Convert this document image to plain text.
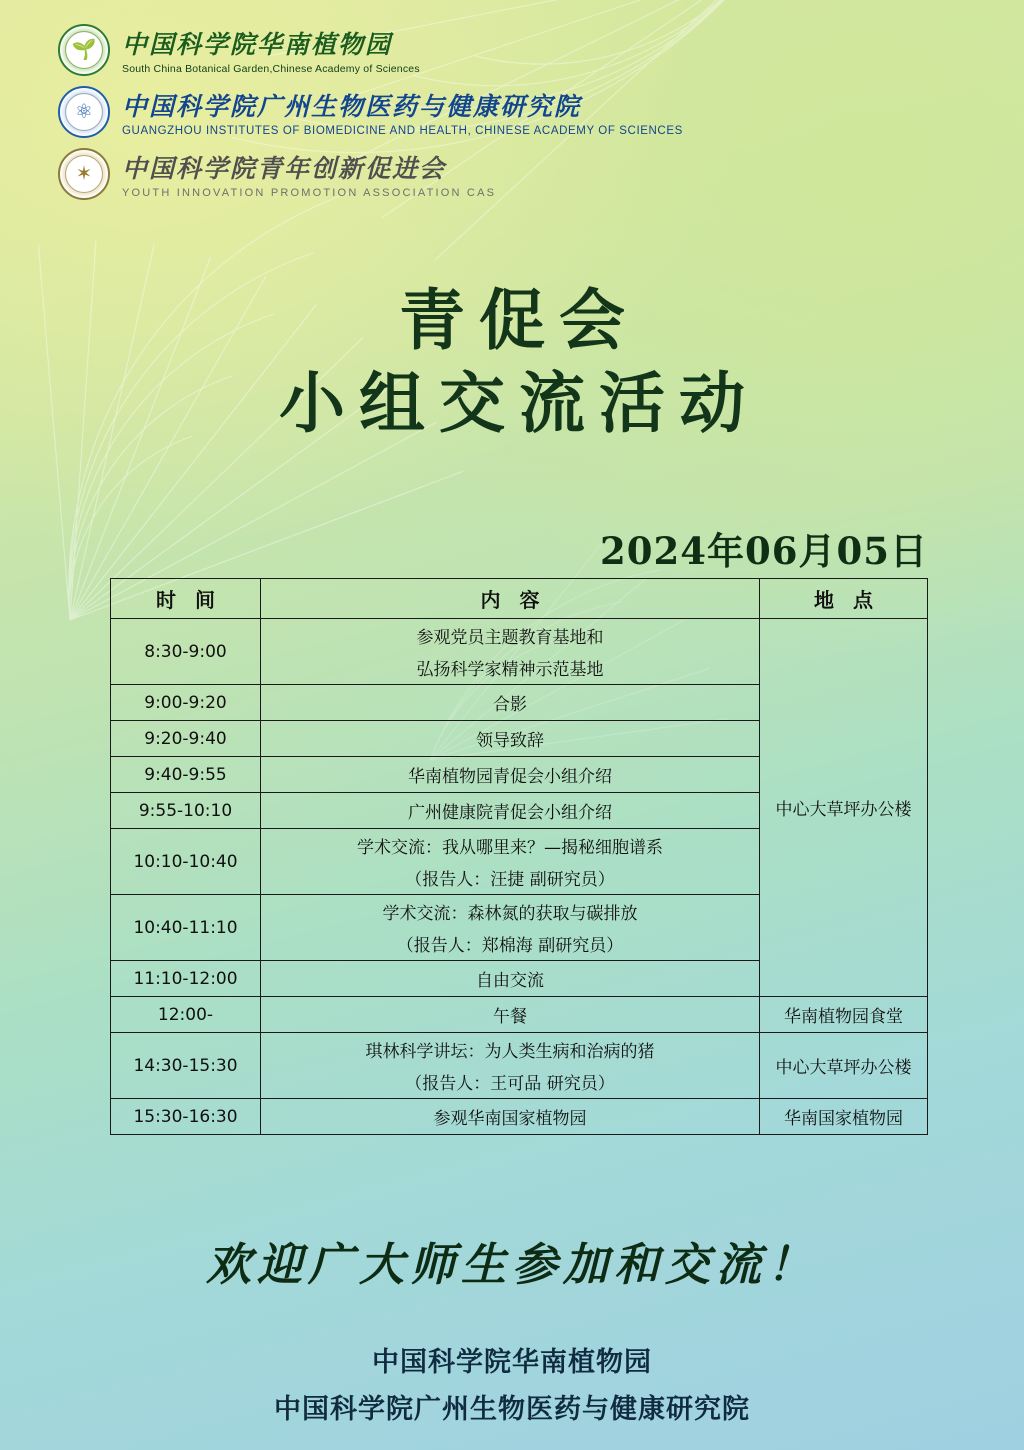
🌱	中国科学院华南植物园
South China Botanical Garden,Chinese Academy of Sciences
⚛	中国科学院广州生物医药与健康研究院
GUANGZHOU INSTITUTES OF BIOMEDICINE AND HEALTH, CHINESE ACADEMY OF SCIENCES
✶	中国科学院青年创新促进会
YOUTH INNOVATION PROMOTION ASSOCIATION CAS
青促会
小组交流活动
2024年06月05日
时 间	内 容	地 点
8:30-9:00	参观党员主题教育基地和
弘扬科学家精神示范基地	中心大草坪办公楼
9:00-9:20	合影	
9:20-9:40	领导致辞	
9:40-9:55	华南植物园青促会小组介绍	
9:55-10:10	广州健康院青促会小组介绍	
10:10-10:40	学术交流：我从哪里来？—揭秘细胞谱系
（报告人：汪捷 副研究员）	

10:40-11:10	学术交流：森林氮的获取与碳排放
（报告人：郑棉海 副研究员）	

11:10-12:00	自由交流	
12:00-	午餐	华南植物园食堂
14:30-15:30	琪林科学讲坛：为人类生病和治病的猪
（报告人：王可品 研究员）	中心大草坪办公楼
15:30-16:30	参观华南国家植物园	华南国家植物园
欢迎广大师生参加和交流！
中国科学院华南植物园
中国科学院广州生物医药与健康研究院
